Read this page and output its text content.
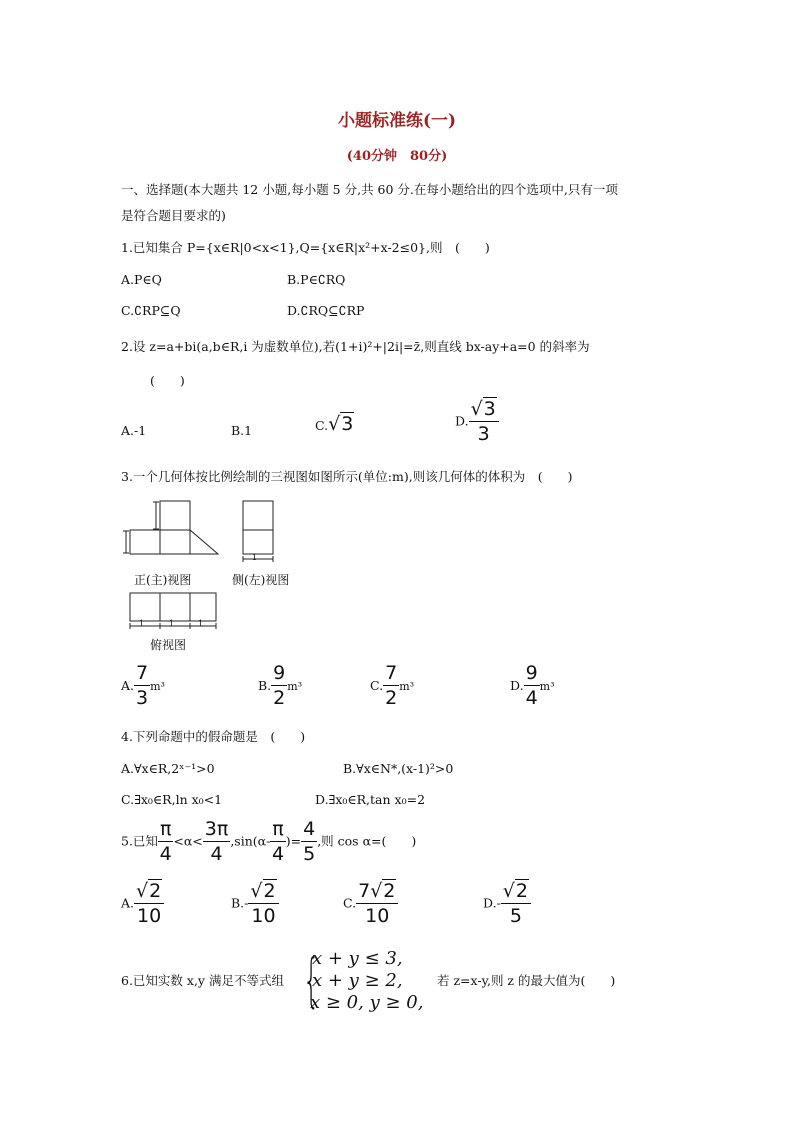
小题标准练(一)
(40分钟　80分)
一、选择题(本大题共 12 小题,每小题 5 分,共 60 分.在每小题给出的四个选项中,只有一项
是符合题目要求的)
1.已知集合 P={x∈R|0<x<1},Q={x∈R|x²+x-2≤0},则　(　　)
A.P∈Q	B.P∈∁RQ
C.∁RP⊆Q	D.∁RQ⊆∁RP
2.设 z=a+bi(a,b∈R,i 为虚数单位),若(1+i)²+|2i|=z̄,则直线 bx-ay+a=0 的斜率为
(　　)
A.-1	B.1	C.√3	D. $\frac{√3}{3}$
3.一个几何体按比例绘制的三视图如图所示(单位:m),则该几何体的体积为　(　　)
1
1	1	1
正(主)视图	侧(左)视图
俯视图
A. $\frac{7}{3} m^3$	B. $\frac{9}{2} m^3$	C. $\frac{7}{2} m^3$	D. $\frac{9}{4} m^3$
4.下列命题中的假命题是　(　　)
A.∀x∈R,2ˣ⁻¹>0	B.∀x∈N*,(x-1)²>0
C.∃x₀∈R,ln x₀<1	D.∃x₀∈R,tan x₀=2
5.已知 $\frac{\pi}{4} <\alpha< \frac{3\pi}{4} ,\sin(\alpha- \frac{\pi}{4}$ )= $\frac{4}{5}$ ,则 cos α=(　　)
A. $\frac{√2}{10}$	$B.- \frac{√2}{10}$	C. $\frac{7√2}{10}$	$D.- \frac{√2}{5}$
6.已知实数 x,y 满足不等式组 {
x + y ≤ 3,
x + y ≥ 2,
x ≥ 0, y ≥ 0,
若 z=x-y,则 z 的最大值为(　　)
